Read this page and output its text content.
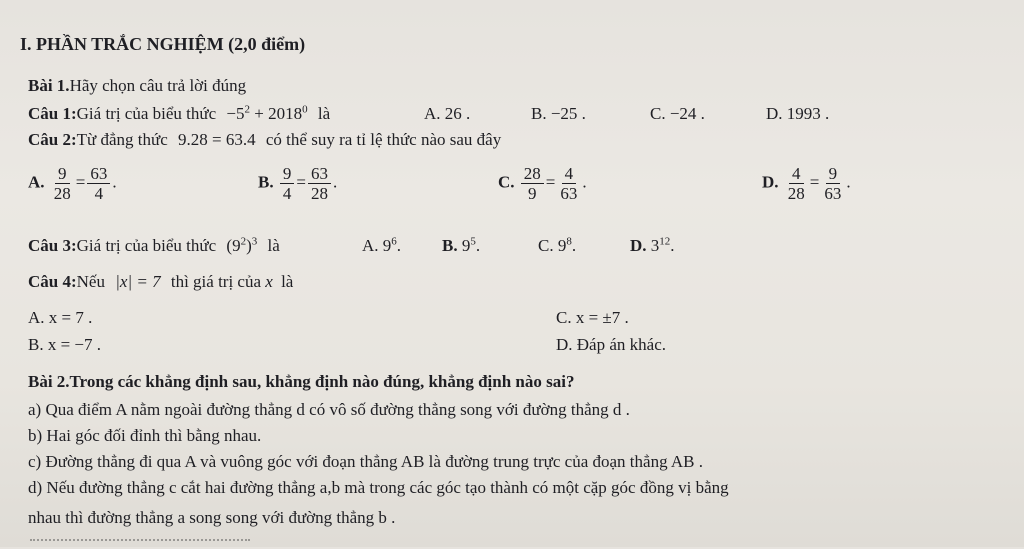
I. PHẦN TRẮC NGHIỆM (2,0 điểm)
Bài 1.Hãy chọn câu trả lời đúng
Câu 1:Giá trị của biểu thức $-5^2 + 2018^0$ là	A. 26 .	B. −25 .	C. −24 .	D. 1993 .
Câu 2:Từ đẳng thức 9.28 = 63.4 có thể suy ra tỉ lệ thức nào sau đây
A. $\frac{9}{28} = \frac{63}{4}$ .	B. $\frac{9}{4} = \frac{63}{28}$ .	C. $\frac{28}{9} = \frac{4}{63}$ .	D. $\frac{4}{28} = \frac{9}{63}$ .
Câu 3:Giá trị của biểu thức $(9^2)^3$ là	A. $9^6$. B. $9^5$.	C. $9^8$.	D. $3^{12}$.
Câu 4:Nếu |x| = 7 thì giá trị của x là
A. x = 7 .
B. x = −7 .
C. x = ±7 .
D. Đáp án khác.
Bài 2.Trong các khẳng định sau, khẳng định nào đúng, khẳng định nào sai?
a) Qua điểm A nằm ngoài đường thẳng d có vô số đường thẳng song với đường thẳng d .
b) Hai góc đối đỉnh thì bằng nhau.
c) Đường thẳng đi qua A và vuông góc với đoạn thẳng AB là đường trung trực của đoạn thẳng AB .
d) Nếu đường thẳng c cắt hai đường thẳng a,b mà trong các góc tạo thành có một cặp góc đồng vị bằng
nhau thì đường thẳng a song song với đường thẳng b .
